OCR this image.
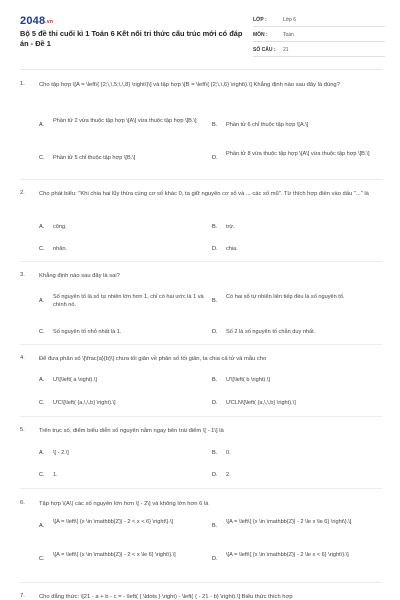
2048.vn
Bộ 5 đề thi cuối kì 1 Toán 6 Kết nối tri thức cấu trúc mới có đáp án - Đề 1
LỚP :	Lớp 6
MÔN :	Toán
SỐ CÂU : 21
1. Cho tập hợp \[A = \left\{ {2;\,\,5;\,\,8} \right\}\] và tập hợp \[B = \left\{ {2;\,\,6} \right\}.\] Khẳng định nào sau đây là đúng?
A.
Phần tử 2 vừa thuộc tập hợp \[A\] vừa thuộc tập hợp \[B.\]
B. Phần tử 6 chỉ thuộc tập hợp \[A.\]
C. Phần tử 5 chỉ thuộc tập hợp \[B.\]	D.
Phần tử 8 vừa thuộc tập hợp \[A\] vừa thuộc tập hợp \[B.\]
2. Cho phát biểu: "Khi chia hai lũy thừa cùng cơ số khác 0, ta giữ nguyên cơ số và ... các số mũ". Từ thích hợp điền vào dấu "..." là
A. cộng.	B. trừ.
C. nhân.	D. chia.
3. Khẳng định nào sau đây là sai?
A.
Số nguyên tố là số tự nhiên lớn hơn 1, chỉ có hai ước là 1 và chính nó.
B.
Có hai số tự nhiên liên tiếp đều là số nguyên tố.
C. Số nguyên tố nhỏ nhất là 1.	D. Số 2 là số nguyên tố chẵn duy nhất.
4. Để đưa phân số \[\frac{a}{b}\] chưa tối giản về phân số tối giản, ta chia cả tử và mẫu cho
A. Ư\[\left( a \right).\]	B. Ư\[\left( b \right).\]
C. ƯC\[\left( {a,\,\,b} \right).\]	D. ƯCLN\[\left( {a,\,\,b} \right).\]
5. Trên trục số, điểm biểu diễn số nguyên nằm ngay bên trái điểm \[ - 1\] là
A. \[ - 2.\]	B. 0.
C. 1.	D. 2.
6. Tập hợp \(A\) các số nguyên lớn hơn \[ - 2\] và không lớn hơn 6 là
A.
\[A = \left\{ {x \in \mathbb{Z}| - 2 < x < 6} \right\}.\]
B.
\[A = \left\{ {x \in \mathbb{Z}| - 2 \le x \le 6} \right\}.\]
C.
\[A = \left\{ {x \in \mathbb{Z}| - 2 < x \le 6} \right\}.\]
D.
\[A = \left\{ {x \in \mathbb{Z}| - 2 \le x < 6} \right\}.\]
7. Cho đẳng thức: \[21 - a + b - c = - \left( { \ldots } \right) - \left( { - 21 - b} \right).\] Biểu thức thích hợp
